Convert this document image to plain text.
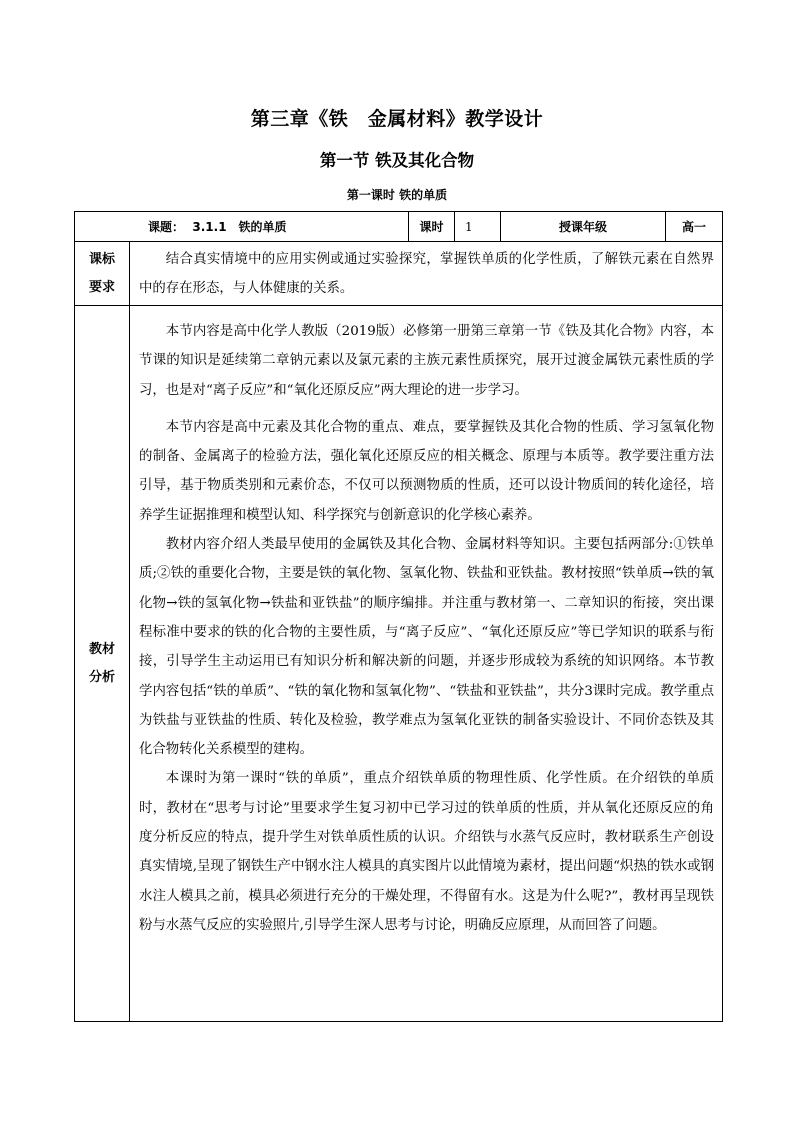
第三章《铁　金属材料》教学设计
第一节 铁及其化合物
第一课时 铁的单质
课题： 3.1.1　铁的单质		课时	1	授课年级	高一

课标要求	结合真实情境中的应用实例或通过实验探究，掌握铁单质的化学性质，了解铁元素在自然界中的存在形态，与人体健康的关系。				

教材分析	本节内容是高中化学人教版（2019版）必修第一册第三章第一节《铁及其化合物》内容，本节课的知识是延续第二章钠元素以及氯元素的主族元素性质探究，展开过渡金属铁元素性质的学习，也是对“离子反应”和“氧化还原反应”两大理论的进一步学习。

本节内容是高中元素及其化合物的重点、难点，要掌握铁及其化合物的性质、学习氢氧化物的制备、金属离子的检验方法，强化氧化还原反应的相关概念、原理与本质等。教学要注重方法引导，基于物质类别和元素价态，不仅可以预测物质的性质，还可以设计物质间的转化途径，培养学生证据推理和模型认知、科学探究与创新意识的化学核心素养。

教材内容介绍人类最早使用的金属铁及其化合物、金属材料等知识。主要包括两部分:①铁单质;②铁的重要化合物，主要是铁的氧化物、氢氧化物、铁盐和亚铁盐。教材按照“铁单质→铁的氧化物→铁的氢氧化物→铁盐和亚铁盐”的顺序编排。并注重与教材第一、二章知识的衔接，突出课程标准中要求的铁的化合物的主要性质，与“离子反应”、“氧化还原反应”等已学知识的联系与衔接，引导学生主动运用已有知识分析和解决新的问题，并逐步形成较为系统的知识网络。本节教学内容包括“铁的单质”、“铁的氧化物和氢氧化物”、“铁盐和亚铁盐”，共分3课时完成。教学重点为铁盐与亚铁盐的性质、转化及检验，教学难点为氢氧化亚铁的制备实验设计、不同价态铁及其化合物转化关系模型的建构。

本课时为第一课时“铁的单质”，重点介绍铁单质的物理性质、化学性质。在介绍铁的单质时，教材在“思考与讨论”里要求学生复习初中已学习过的铁单质的性质，并从氧化还原反应的角度分析反应的特点，提升学生对铁单质性质的认识。介绍铁与水蒸气反应时，教材联系生产创设真实情境,呈现了钢铁生产中钢水注人模具的真实图片以此情境为素材，提出问题“炽热的铁水或钢水注人模具之前，模具必须进行充分的干燥处理，不得留有水。这是为什么呢?”，教材再呈现铁粉与水蒸气反应的实验照片,引导学生深人思考与讨论，明确反应原理，从而回答了问题。				
